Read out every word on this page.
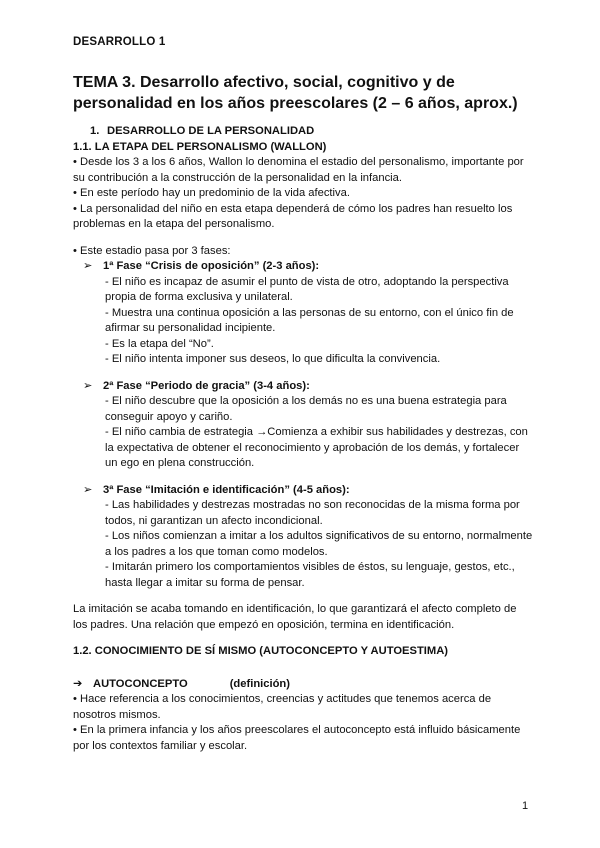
DESARROLLO 1
TEMA 3. Desarrollo afectivo, social, cognitivo y de personalidad en los años preescolares (2 – 6 años, aprox.)

1. DESARROLLO DE LA PERSONALIDAD

1.1. LA ETAPA DEL PERSONALISMO (WALLON)

• Desde los 3 a los 6 años, Wallon lo denomina el estadio del personalismo, importante por su contribución a la construcción de la personalidad en la infancia.

• En este período hay un predominio de la vida afectiva.

• La personalidad del niño en esta etapa dependerá de cómo los padres han resuelto los problemas en la etapa del personalismo.

• Este estadio pasa por 3 fases:

➢ 1ª Fase “Crisis de oposición” (2-3 años):

- El niño es incapaz de asumir el punto de vista de otro, adoptando la perspectiva propia de forma exclusiva y unilateral.

- Muestra una continua oposición a las personas de su entorno, con el único fin de afirmar su personalidad incipiente.

- Es la etapa del “No”.

- El niño intenta imponer sus deseos, lo que dificulta la convivencia.

➢ 2ª Fase “Periodo de gracia” (3-4 años):

- El niño descubre que la oposición a los demás no es una buena estrategia para conseguir apoyo y cariño.

- El niño cambia de estrategia →Comienza a exhibir sus habilidades y destrezas, con la expectativa de obtener el reconocimiento y aprobación de los demás, y fortalecer un ego en plena construcción.

➢ 3ª Fase “Imitación e identificación” (4-5 años):

- Las habilidades y destrezas mostradas no son reconocidas de la misma forma por todos, ni garantizan un afecto incondicional.

- Los niños comienzan a imitar a los adultos significativos de su entorno, normalmente a los padres a los que toman como modelos.

- Imitarán primero los comportamientos visibles de éstos, su lenguaje, gestos, etc., hasta llegar a imitar su forma de pensar.

La imitación se acaba tomando en identificación, lo que garantizará el afecto completo de los padres. Una relación que empezó en oposición, termina en identificación.

1.2. CONOCIMIENTO DE SÍ MISMO (AUTOCONCEPTO Y AUTOESTIMA)

➔ AUTOCONCEPTO	(definición)

• Hace referencia a los conocimientos, creencias y actitudes que tenemos acerca de nosotros mismos.

• En la primera infancia y los años preescolares el autoconcepto está influido básicamente por los contextos familiar y escolar.

1
